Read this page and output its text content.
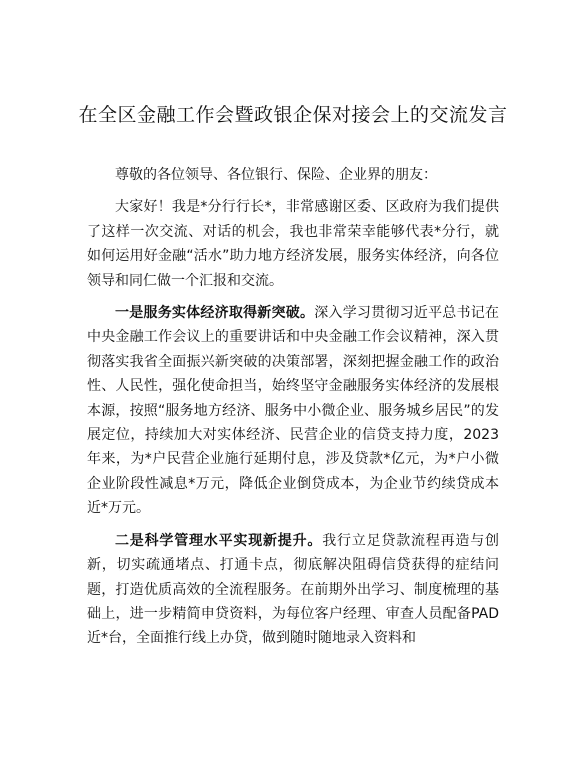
在全区金融工作会暨政银企保对接会上的交流发言

尊敬的各位领导、各位银行、保险、企业界的朋友：

大家好！我是*分行行长*，非常感谢区委、区政府为我们提供了这样一次交流、对话的机会，我也非常荣幸能够代表*分行，就如何运用好金融“活水”助力地方经济发展，服务实体经济，向各位领导和同仁做一个汇报和交流。

一是服务实体经济取得新突破。深入学习贯彻习近平总书记在中央金融工作会议上的重要讲话和中央金融工作会议精神，深入贯彻落实我省全面振兴新突破的决策部署，深刻把握金融工作的政治性、人民性，强化使命担当，始终坚守金融服务实体经济的发展根本源，按照“服务地方经济、服务中小微企业、服务城乡居民”的发展定位，持续加大对实体经济、民营企业的信贷支持力度，2023年来，为*户民营企业施行延期付息，涉及贷款*亿元，为*户小微企业阶段性减息*万元，降低企业倒贷成本，为企业节约续贷成本近*万元。

二是科学管理水平实现新提升。我行立足贷款流程再造与创新，切实疏通堵点、打通卡点，彻底解决阻碍信贷获得的症结问题，打造优质高效的全流程服务。在前期外出学习、制度梳理的基础上，进一步精简申贷资料，为每位客户经理、审查人员配备PAD近*台，全面推行线上办贷，做到随时随地录入资料和
